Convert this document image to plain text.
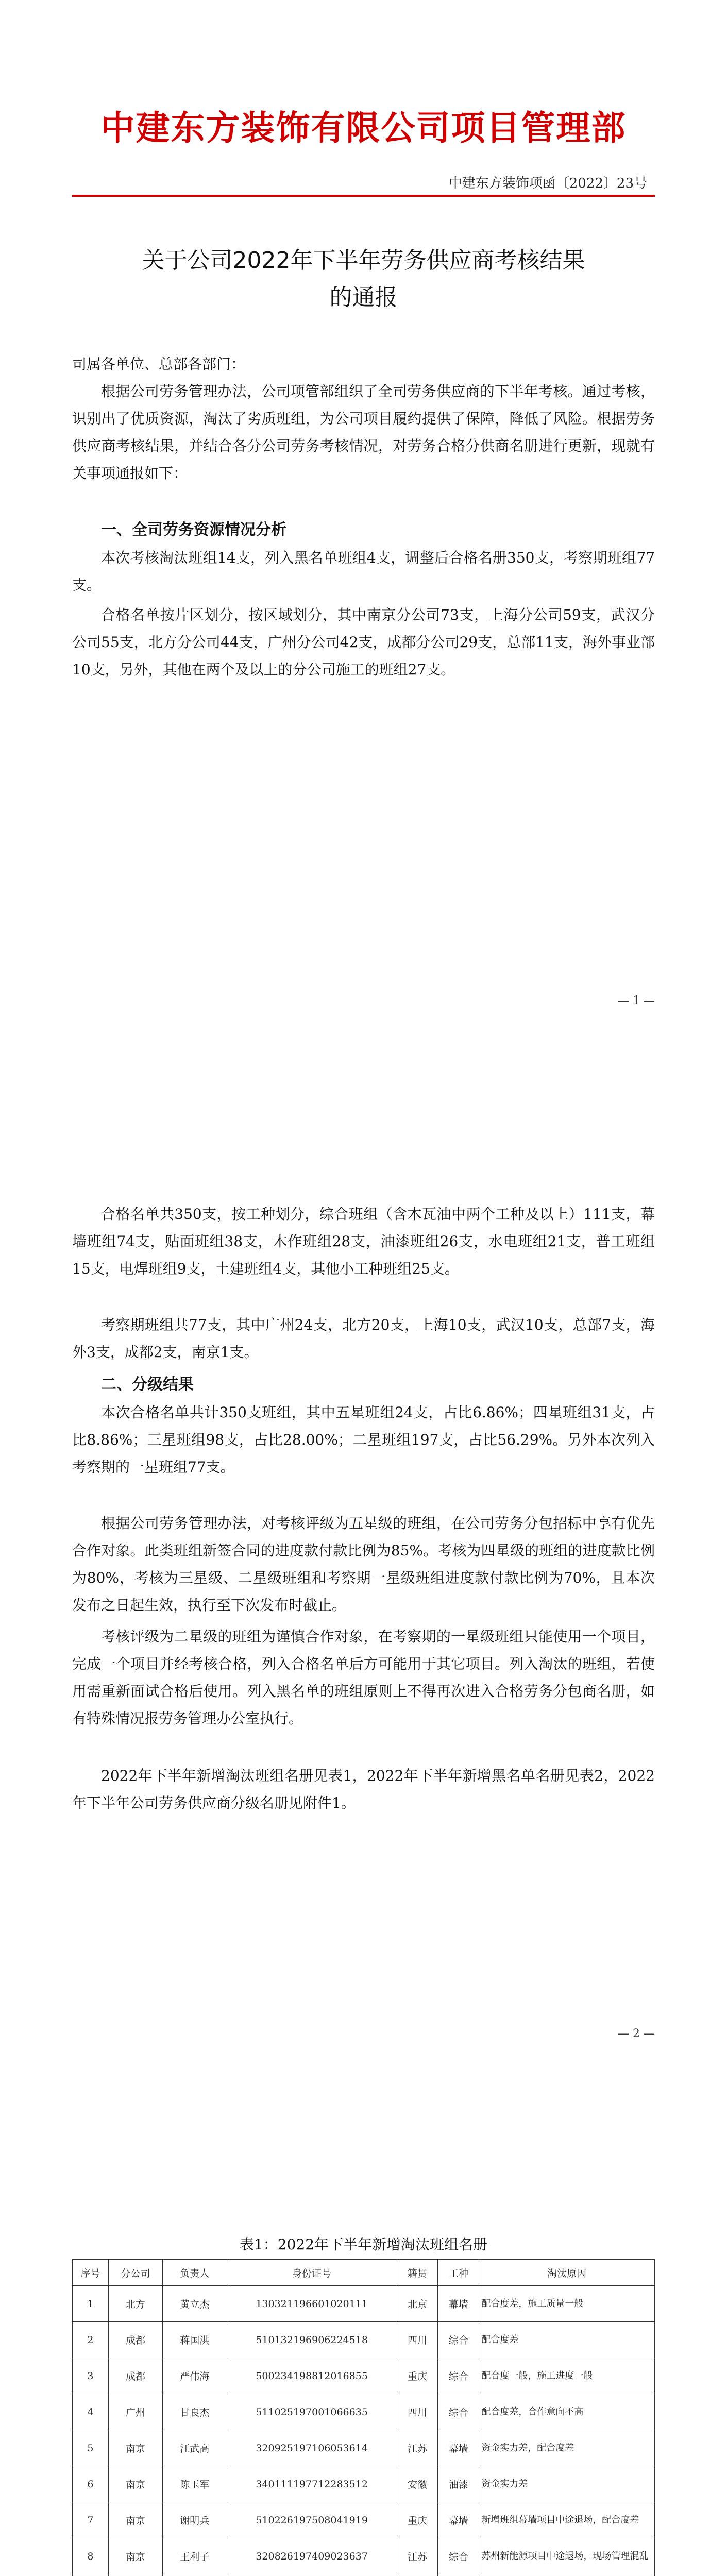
中建东方装饰有限公司项目管理部
中建东方装饰项函〔2022〕23号
关于公司2022年下半年劳务供应商考核结果
的通报
司属各单位、总部各部门：
根据公司劳务管理办法，公司项管部组织了全司劳务供应商的下半年考核。通过考核，识别出了优质资源，淘汰了劣质班组，为公司项目履约提供了保障，降低了风险。根据劳务供应商考核结果，并结合各分公司劳务考核情况，对劳务合格分供商名册进行更新，现就有关事项通报如下：
一、全司劳务资源情况分析
本次考核淘汰班组14支，列入黑名单班组4支，调整后合格名册350支，考察期班组77支。
合格名单按片区划分，按区域划分，其中南京分公司73支，上海分公司59支，武汉分公司55支，北方分公司44支，广州分公司42支，成都分公司29支，总部11支，海外事业部10支，另外，其他在两个及以上的分公司施工的班组27支。
— 1 —
合格名单共350支，按工种划分，综合班组（含木瓦油中两个工种及以上）111支，幕墙班组74支，贴面班组38支，木作班组28支，油漆班组26支，水电班组21支，普工班组15支，电焊班组9支，土建班组4支，其他小工种班组25支。
考察期班组共77支，其中广州24支，北方20支，上海10支，武汉10支，总部7支，海外3支，成都2支，南京1支。
二、分级结果
本次合格名单共计350支班组，其中五星班组24支，占比6.86%；四星班组31支，占比8.86%；三星班组98支，占比28.00%；二星班组197支，占比56.29%。另外本次列入考察期的一星班组77支。
根据公司劳务管理办法，对考核评级为五星级的班组，在公司劳务分包招标中享有优先合作对象。此类班组新签合同的进度款付款比例为85%。考核为四星级的班组的进度款比例为80%，考核为三星级、二星级班组和考察期一星级班组进度款付款比例为70%，且本次发布之日起生效，执行至下次发布时截止。
考核评级为二星级的班组为谨慎合作对象，在考察期的一星级班组只能使用一个项目，完成一个项目并经考核合格，列入合格名单后方可能用于其它项目。列入淘汰的班组，若使用需重新面试合格后使用。列入黑名单的班组原则上不得再次进入合格劳务分包商名册，如有特殊情况报劳务管理办公室执行。
2022年下半年新增淘汰班组名册见表1，2022年下半年新增黑名单名册见表2，2022年下半年公司劳务供应商分级名册见附件1。
— 2 —
表1：2022年下半年新增淘汰班组名册
序号	分公司	负责人	身份证号	籍贯	工种	淘汰原因
1	北方	黄立杰	130321196601020111	北京	幕墙	配合度差，施工质量一般
2	成都	蒋国洪	510132196906224518	四川	综合	配合度差
3	成都	严伟海	500234198812016855	重庆	综合	配合度一般，施工进度一般
4	广州	甘良杰	511025197001066635	四川	综合	配合度差，合作意向不高
5	南京	江武高	320925197106053614	江苏	幕墙	资金实力差，配合度差
6	南京	陈玉军	340111197712283512	安徽	油漆	资金实力差
7	南京	谢明兵	510226197508041919	重庆	幕墙	新增班组幕墙项目中途退场，配合度差
8	南京	王利子	320826197409023637	江苏	综合	苏州新能源项目中途退场，现场管理混乱
